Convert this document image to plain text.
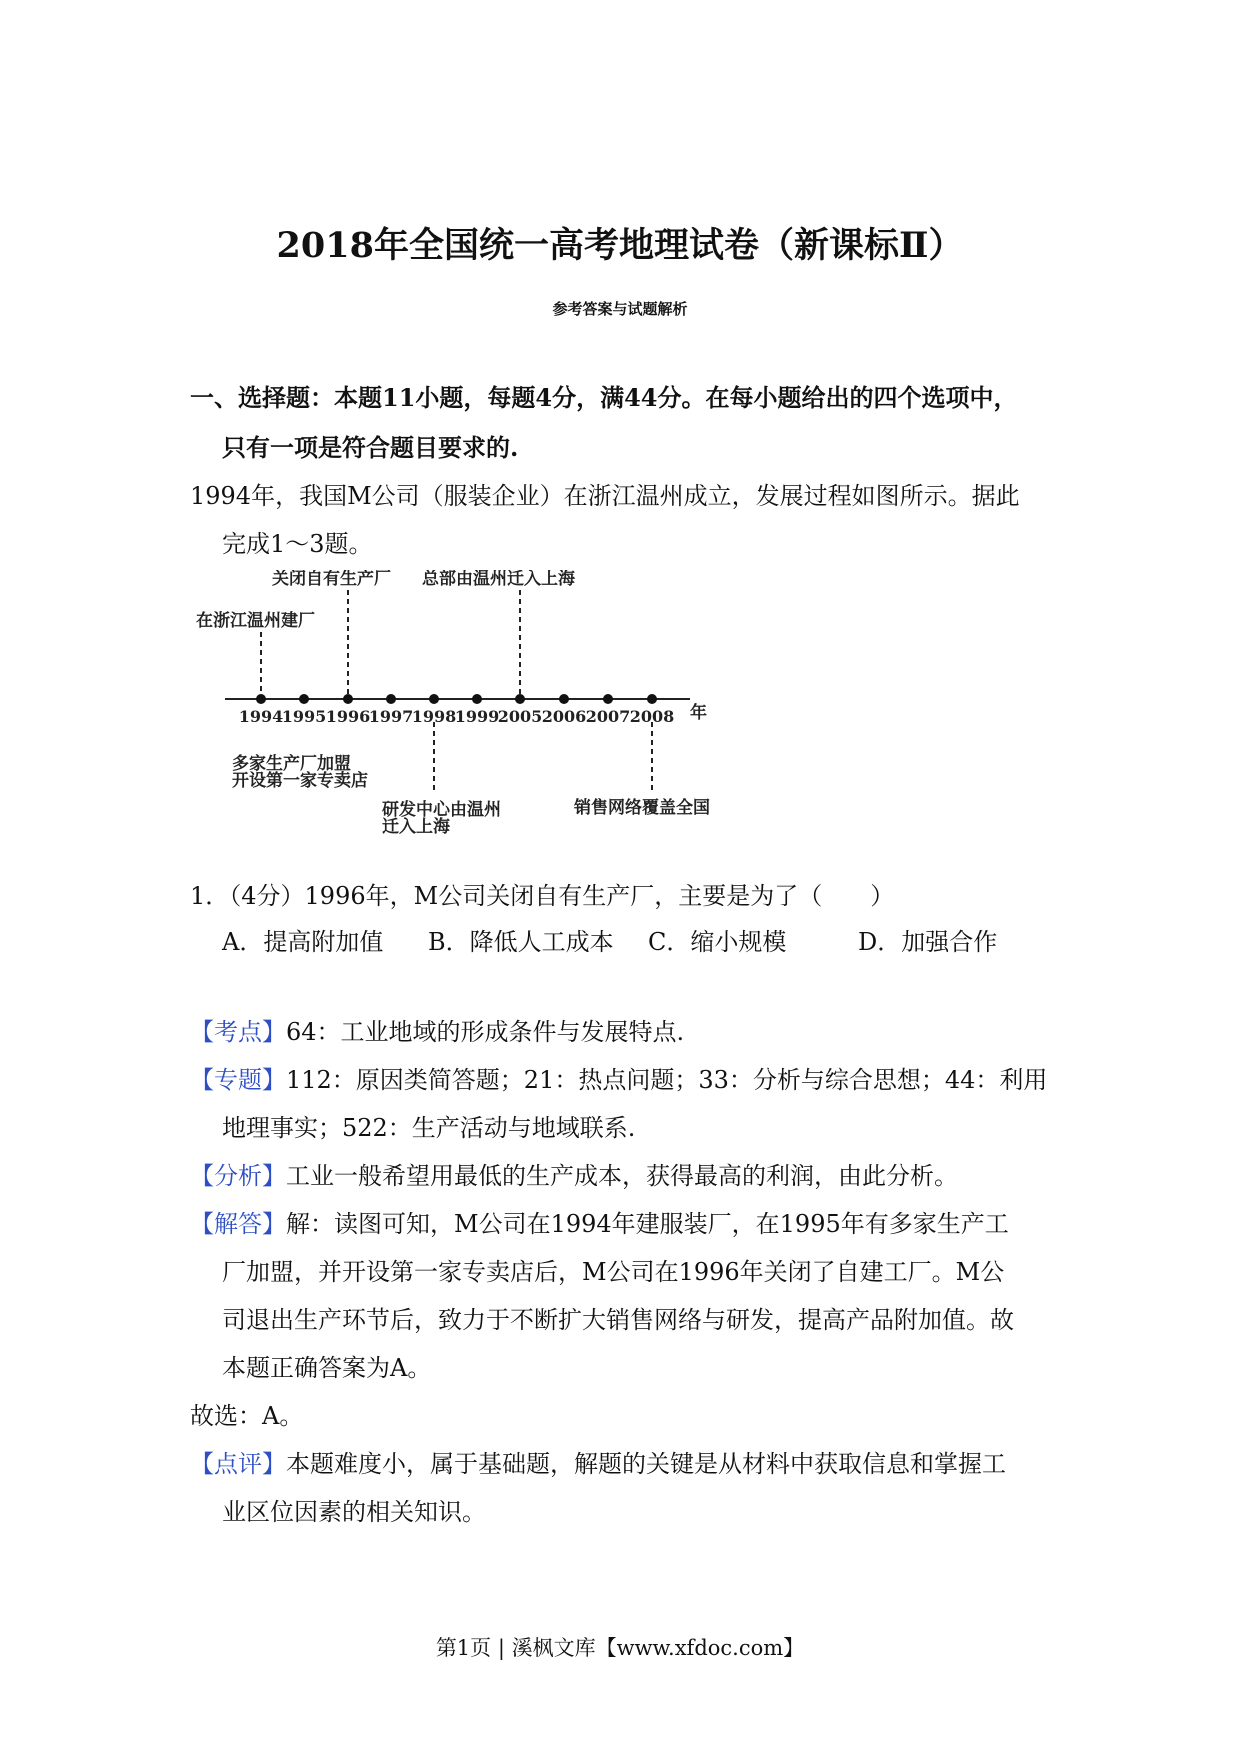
2018年全国统一高考地理试卷（新课标Ⅱ）
参考答案与试题解析
一、选择题：本题11小题，每题4分，满44分。在每小题给出的四个选项中，
只有一项是符合题目要求的.
1994年，我国M公司（服装企业）在浙江温州成立，发展过程如图所示。据此
完成1～3题。
1994
1995 1996
1997
1998
1999
2005 2006 2007 2008 年
在浙江温州建厂
关闭自有生产厂 总部由温州迁入上海
多家生产厂加盟
开设第一家专卖店
研发中心由温州
迁入上海
销售网络覆盖全国
1．（4分）1996年，M公司关闭自有生产厂，主要是为了（　　）
A．提高附加值 B．降低人工成本 C．缩小规模	D．加强合作
【考点】64：工业地域的形成条件与发展特点.
【专题】112：原因类简答题；21：热点问题；33：分析与综合思想；44：利用
地理事实；522：生产活动与地域联系.
【分析】工业一般希望用最低的生产成本，获得最高的利润，由此分析。
【解答】解：读图可知，M公司在1994年建服装厂，在1995年有多家生产工
厂加盟，并开设第一家专卖店后，M公司在1996年关闭了自建工厂。M公
司退出生产环节后，致力于不断扩大销售网络与研发，提高产品附加值。故
本题正确答案为A。
故选：A。
【点评】本题难度小，属于基础题，解题的关键是从材料中获取信息和掌握工
业区位因素的相关知识。
第1页 | 溪枫文库【www.xfdoc.com】
